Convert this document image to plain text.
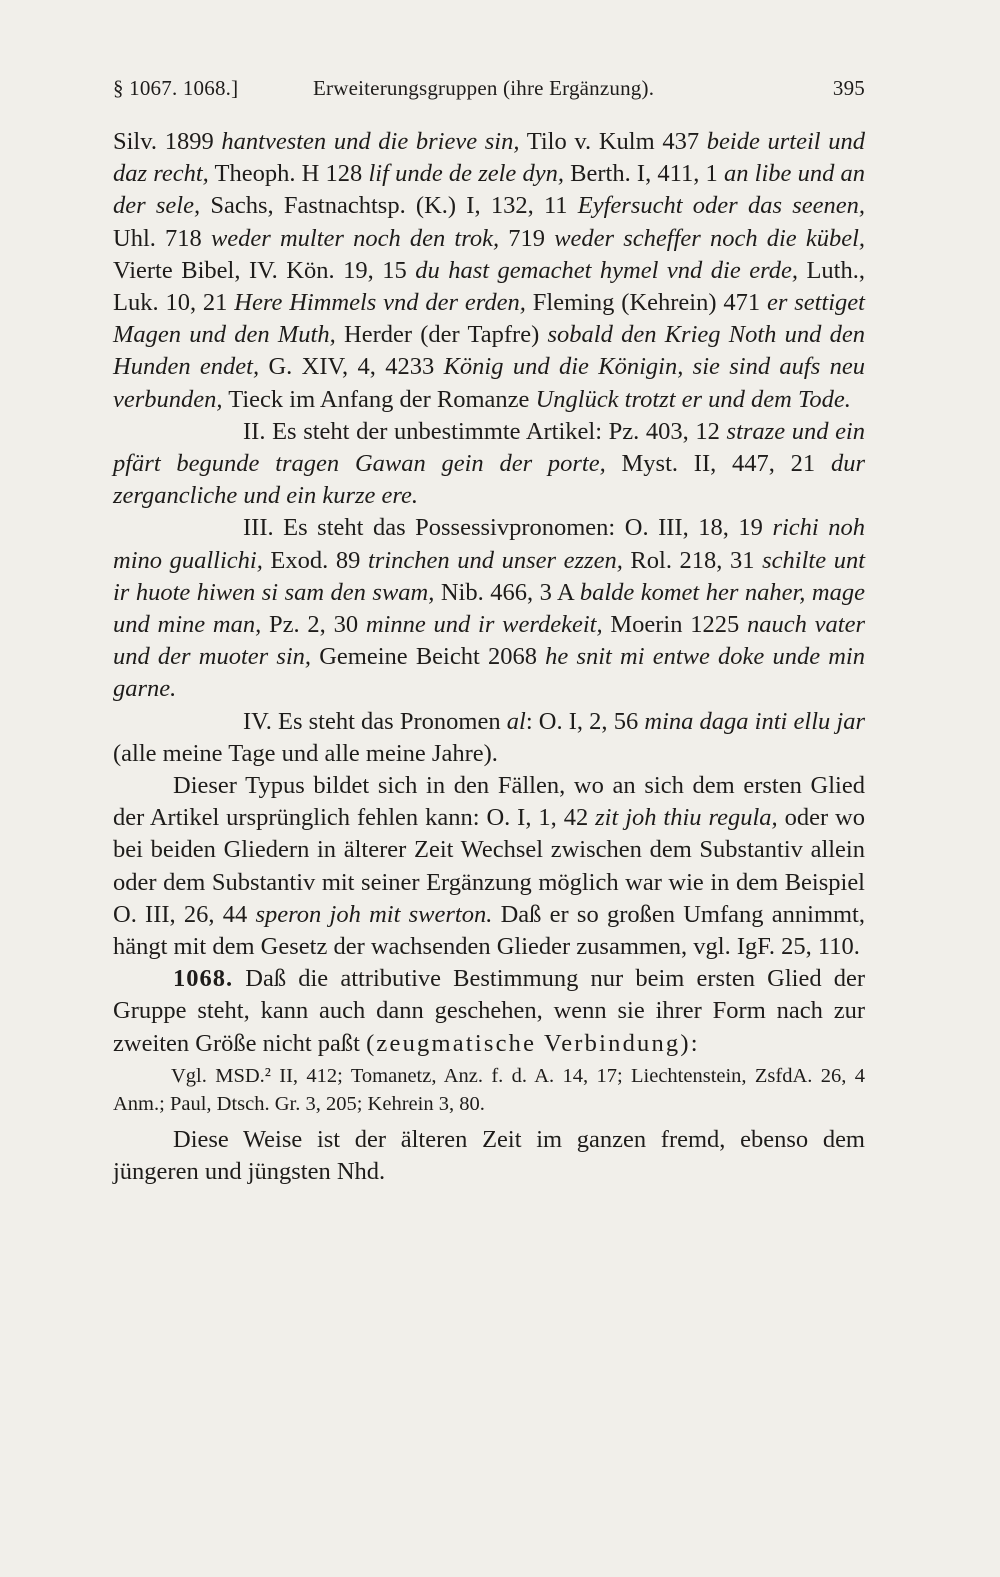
§ 1067. 1068.]	Erweiterungsgruppen (ihre Ergänzung).	395

Silv. 1899 hantvesten und die brieve sin, Tilo v. Kulm 437 beide urteil und daz recht, Theoph. H 128 lif unde de zele dyn, Berth. I, 411, 1 an libe und an der sele, Sachs, Fastnachtsp. (K.) I, 132, 11 Eyfersucht oder das seenen, Uhl. 718 weder multer noch den trok, 719 weder scheffer noch die kübel, Vierte Bibel, IV. Kön. 19, 15 du hast gemachet hymel vnd die erde, Luth., Luk. 10, 21 Here Himmels vnd der erden, Fleming (Kehrein) 471 er settiget Magen und den Muth, Herder (der Tapfre) sobald den Krieg Noth und den Hunden endet, G. XIV, 4, 4233 König und die Königin, sie sind aufs neu verbunden, Tieck im Anfang der Romanze Unglück trotzt er und dem Tode.

II. Es steht der unbestimmte Artikel: Pz. 403, 12 straze und ein pfärt begunde tragen Gawan gein der porte, Myst. II, 447, 21 dur zergancliche und ein kurze ere.

III. Es steht das Possessivpronomen: O. III, 18, 19 richi noh mino guallichi, Exod. 89 trinchen und unser ezzen, Rol. 218, 31 schilte unt ir huote hiwen si sam den swam, Nib. 466, 3 A balde komet her naher, mage und mine man, Pz. 2, 30 minne und ir werdekeit, Moerin 1225 nauch vater und der muoter sin, Gemeine Beicht 2068 he snit mi entwe doke unde min garne.

IV. Es steht das Pronomen al: O. I, 2, 56 mina daga inti ellu jar (alle meine Tage und alle meine Jahre).

Dieser Typus bildet sich in den Fällen, wo an sich dem ersten Glied der Artikel ursprünglich fehlen kann: O. I, 1, 42 zit joh thiu regula, oder wo bei beiden Gliedern in älterer Zeit Wechsel zwischen dem Substantiv allein oder dem Substantiv mit seiner Ergänzung möglich war wie in dem Beispiel O. III, 26, 44 speron joh mit swerton. Daß er so großen Umfang annimmt, hängt mit dem Gesetz der wachsenden Glieder zusammen, vgl. IgF. 25, 110.

1068. Daß die attributive Bestimmung nur beim ersten Glied der Gruppe steht, kann auch dann geschehen, wenn sie ihrer Form nach zur zweiten Größe nicht paßt (zeugmatische Verbindung):

Vgl. MSD.² II, 412; Tomanetz, Anz. f. d. A. 14, 17; Liechtenstein, ZsfdA. 26, 4 Anm.; Paul, Dtsch. Gr. 3, 205; Kehrein 3, 80.

Diese Weise ist der älteren Zeit im ganzen fremd, ebenso dem jüngeren und jüngsten Nhd.
